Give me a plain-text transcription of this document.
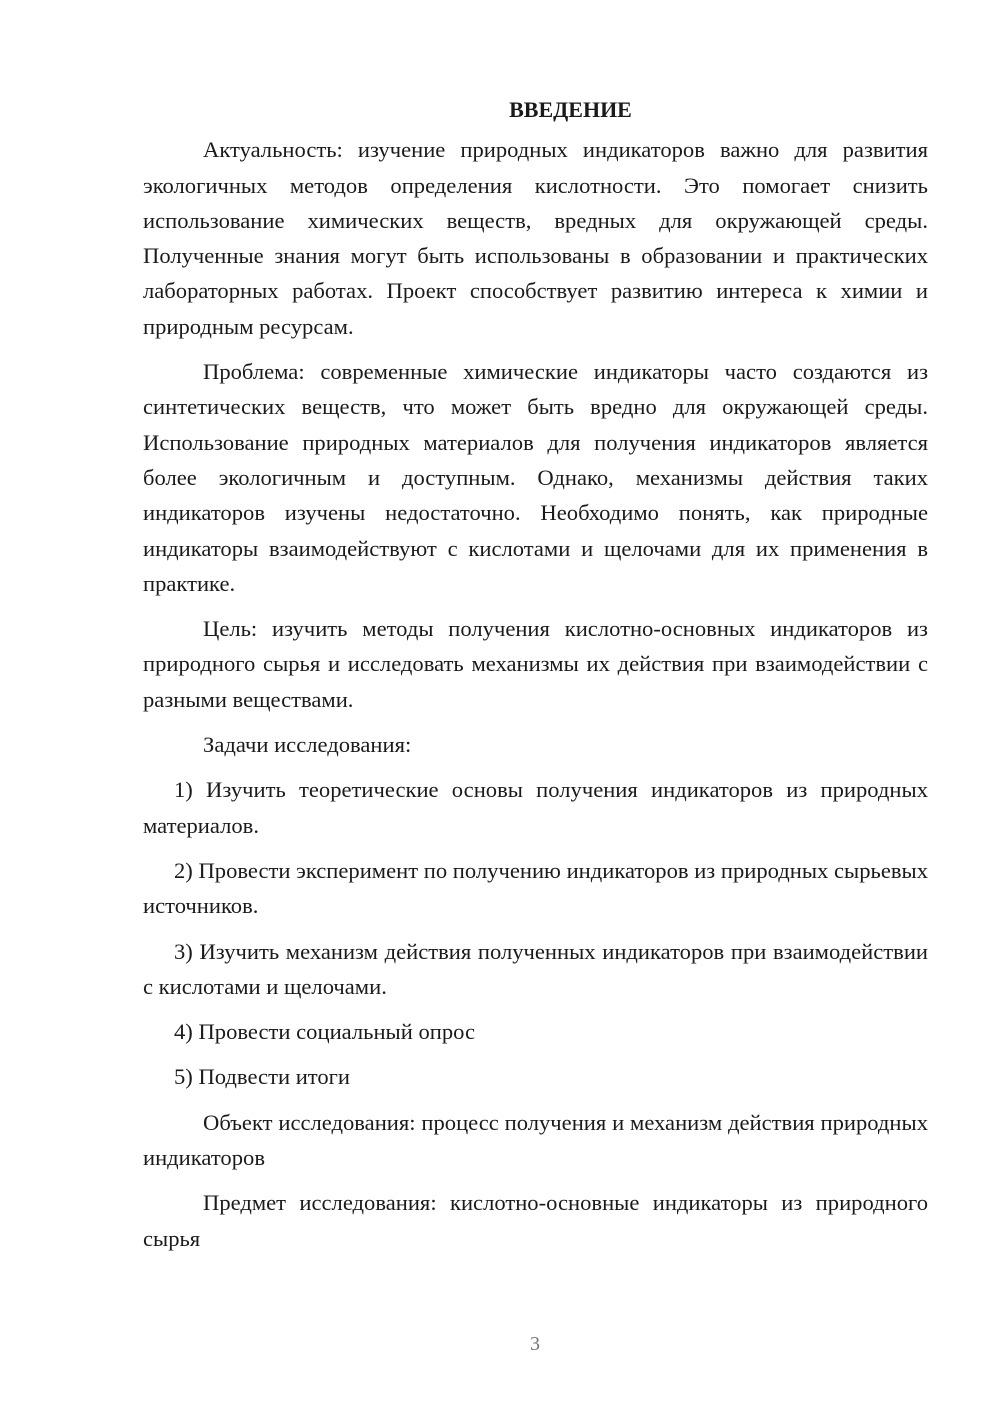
ВВЕДЕНИЕ

Актуальность: изучение природных индикаторов важно для развития экологичных методов определения кислотности. Это помогает снизить использование химических веществ, вредных для окружающей среды. Полученные знания могут быть использованы в образовании и практических лабораторных работах. Проект способствует развитию интереса к химии и природным ресурсам.

Проблема: современные химические индикаторы часто создаются из синтетических веществ, что может быть вредно для окружающей среды. Использование природных материалов для получения индикаторов является более экологичным и доступным. Однако, механизмы действия таких индикаторов изучены недостаточно. Необходимо понять, как природные индикаторы взаимодействуют с кислотами и щелочами для их применения в практике.

Цель: изучить методы получения кислотно-основных индикаторов из природного сырья и исследовать механизмы их действия при взаимодействии с разными веществами.

Задачи исследования:

1) Изучить теоретические основы получения индикаторов из природных материалов.

2) Провести эксперимент по получению индикаторов из природных сырьевых источников.

3) Изучить механизм действия полученных индикаторов при взаимодействии с кислотами и щелочами.

4) Провести социальный опрос

5) Подвести итоги

Объект исследования: процесс получения и механизм действия природных индикаторов

Предмет исследования: кислотно-основные индикаторы из природного сырья

3
